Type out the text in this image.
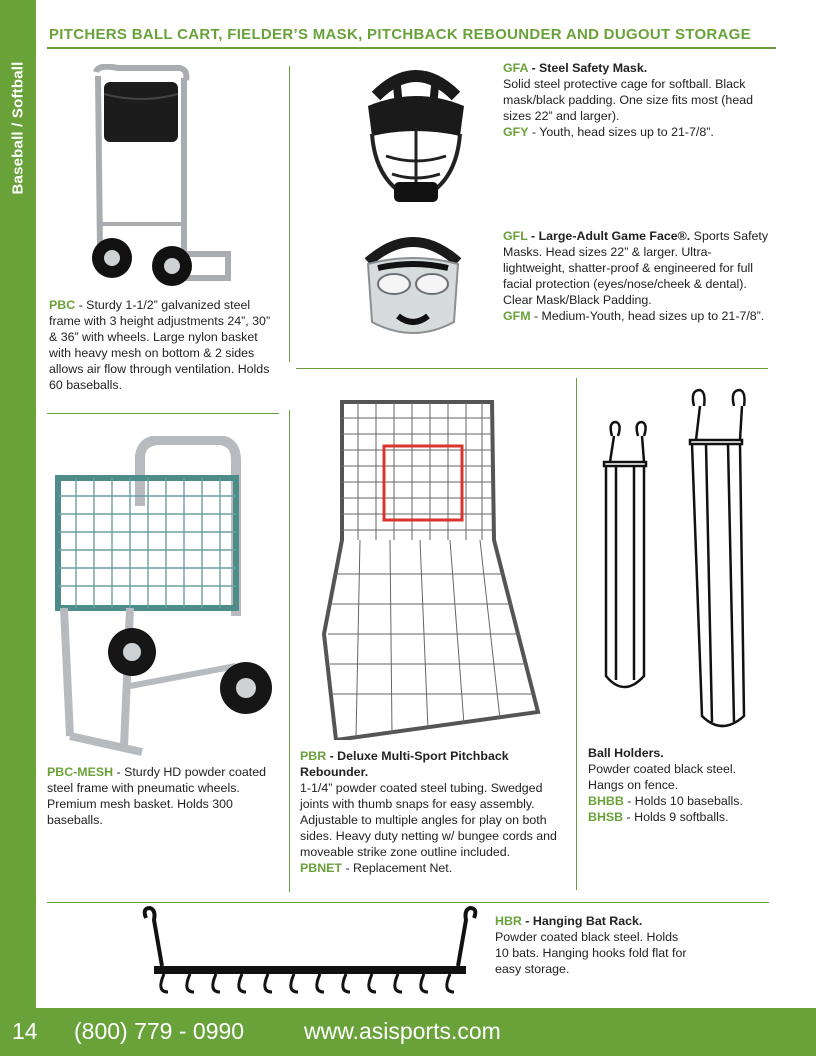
Baseball / Softball
PITCHERS BALL CART, FIELDER’S MASK, PITCHBACK REBOUNDER AND DUGOUT STORAGE
PBC - Sturdy 1-1/2” galvanized steel frame with 3 height adjustments 24”, 30” & 36” with wheels. Large nylon basket with heavy mesh on bottom & 2 sides allows air flow through ventilation. Holds 60 baseballs.
GFA - Steel Safety Mask.
Solid steel protective cage for softball. Black mask/black padding. One size fits most (head sizes 22” and larger).
GFY - Youth, head sizes up to 21-7/8”.
GFL - Large-Adult Game Face®. Sports Safety Masks. Head sizes 22” & larger. Ultra-lightweight, shatter-proof & engineered for full facial protection (eyes/nose/cheek & dental). Clear Mask/Black Padding.
GFM - Medium-Youth, head sizes up to 21-7/8”.
PBC-MESH - Sturdy HD powder coated steel frame with pneumatic wheels. Premium mesh basket. Holds 300 baseballs.
PBR - Deluxe Multi-Sport Pitchback Rebounder.
1-1/4” powder coated steel tubing. Swedged joints with thumb snaps for easy assembly. Adjustable to multiple angles for play on both sides. Heavy duty netting w/ bungee cords and moveable strike zone outline included.
PBNET - Replacement Net.
Ball Holders.
Powder coated black steel. Hangs on fence.
BHBB - Holds 10 baseballs.
BHSB - Holds 9 softballs.
HBR - Hanging Bat Rack.
Powder coated black steel. Holds 10 bats. Hanging hooks fold flat for easy storage.
14 (800) 779 - 0990	www.asisports.com
